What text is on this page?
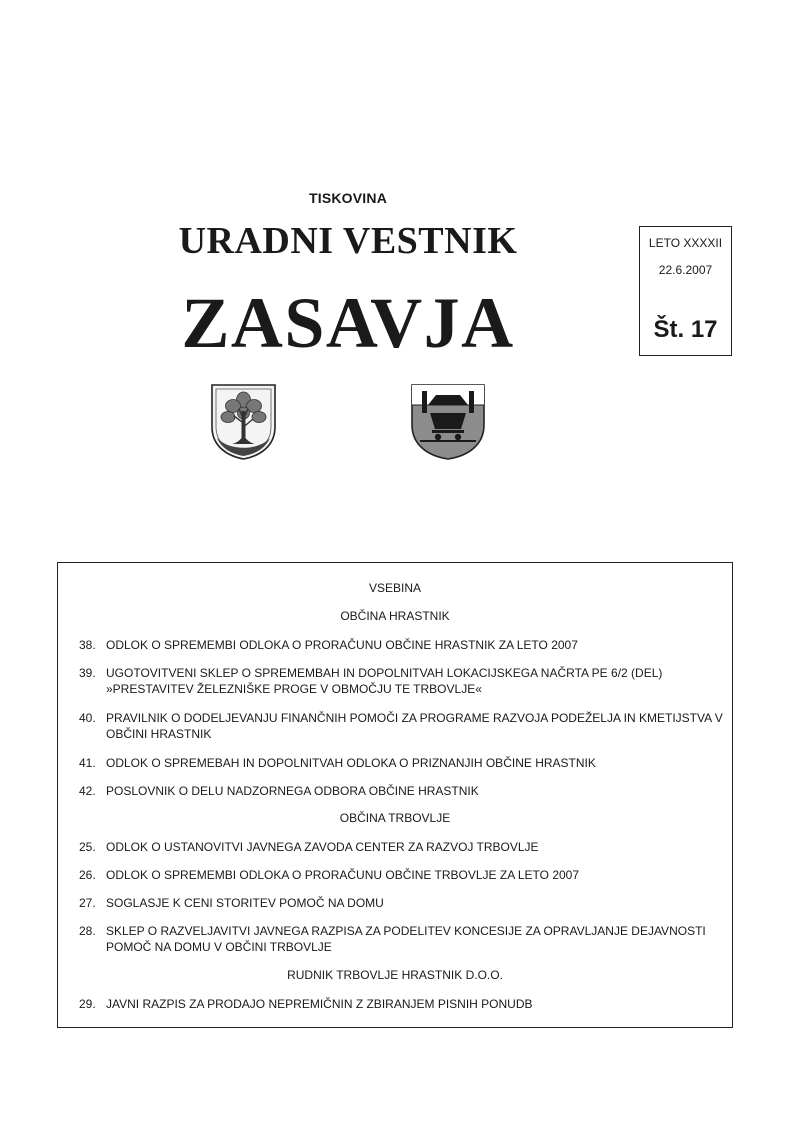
TISKOVINA
URADNI VESTNIK
ZASAVJA
LETO XXXXII
22.6.2007
Št. 17
VSEBINA
OBČINA HRASTNIK
38. ODLOK O SPREMEMBI ODLOKA O PRORAČUNU OBČINE HRASTNIK ZA LETO 2007
39. UGOTOVITVENI SKLEP O SPREMEMBAH IN DOPOLNITVAH LOKACIJSKEGA NAČRTA PE 6/2 (DEL) »PRESTAVITEV ŽELEZNIŠKE PROGE V OBMOČJU TE TRBOVLJE«
40. PRAVILNIK O DODELJEVANJU FINANČNIH POMOČI ZA PROGRAME RAZVOJA PODEŽELJA IN KMETIJSTVA V OBČINI HRASTNIK
41. ODLOK O SPREMEBAH IN DOPOLNITVAH ODLOKA O PRIZNANJIH OBČINE HRASTNIK
42. POSLOVNIK O DELU NADZORNEGA ODBORA OBČINE HRASTNIK
OBČINA TRBOVLJE
25. ODLOK O USTANOVITVI JAVNEGA ZAVODA CENTER ZA RAZVOJ TRBOVLJE
26. ODLOK O SPREMEMBI ODLOKA O PRORAČUNU OBČINE TRBOVLJE ZA LETO 2007
27. SOGLASJE K CENI STORITEV POMOČ NA DOMU
28. SKLEP O RAZVELJAVITVI JAVNEGA RAZPISA ZA PODELITEV KONCESIJE ZA OPRAVLJANJE DEJAVNOSTI POMOČ NA DOMU V OBČINI TRBOVLJE
RUDNIK TRBOVLJE HRASTNIK D.O.O.
29. JAVNI RAZPIS ZA PRODAJO NEPREMIČNIN Z ZBIRANJEM PISNIH PONUDB
